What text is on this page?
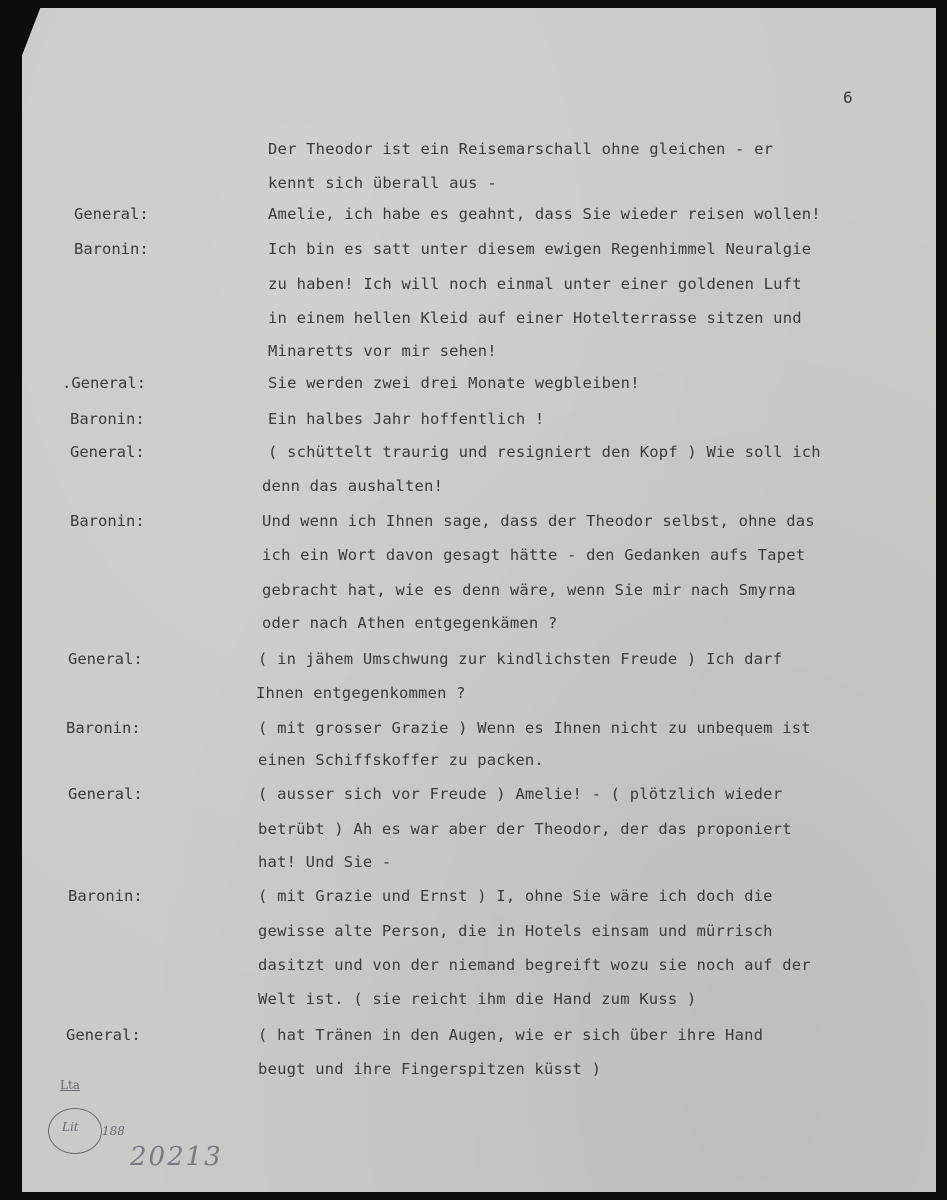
6
General:
Baronin:
.General:
Baronin:
General:
Baronin:
General:
Baronin:
General:
Baronin:
General:
Der Theodor ist ein Reisemarschall ohne gleichen - er
kennt sich überall aus -
Amelie, ich habe es geahnt, dass Sie wieder reisen wollen!
Ich bin es satt unter diesem ewigen Regenhimmel Neuralgie
zu haben! Ich will noch einmal unter einer goldenen Luft
in einem hellen Kleid auf einer Hotelterrasse sitzen und
Minaretts vor mir sehen!
Sie werden zwei drei Monate wegbleiben!
Ein halbes Jahr hoffentlich !
( schüttelt traurig und resigniert den Kopf ) Wie soll ich
denn das aushalten!
Und wenn ich Ihnen sage, dass der Theodor selbst, ohne das
ich ein Wort davon gesagt hätte - den Gedanken aufs Tapet
gebracht hat, wie es denn wäre, wenn Sie mir nach Smyrna
oder nach Athen entgegenkämen ?
( in jähem Umschwung zur kindlichsten Freude ) Ich darf
Ihnen entgegenkommen ?
( mit grosser Grazie ) Wenn es Ihnen nicht zu unbequem ist
einen Schiffskoffer zu packen.
( ausser sich vor Freude ) Amelie! - ( plötzlich wieder
betrübt ) Ah es war aber der Theodor, der das proponiert
hat! Und Sie -
( mit Grazie und Ernst ) I, ohne Sie wäre ich doch die
gewisse alte Person, die in Hotels einsam und mürrisch
dasitzt und von der niemand begreift wozu sie noch auf der
Welt ist. ( sie reicht ihm die Hand zum Kuss )
( hat Tränen in den Augen, wie er sich über ihre Hand
beugt und ihre Fingerspitzen küsst )
Lta
Lit 188
20213
